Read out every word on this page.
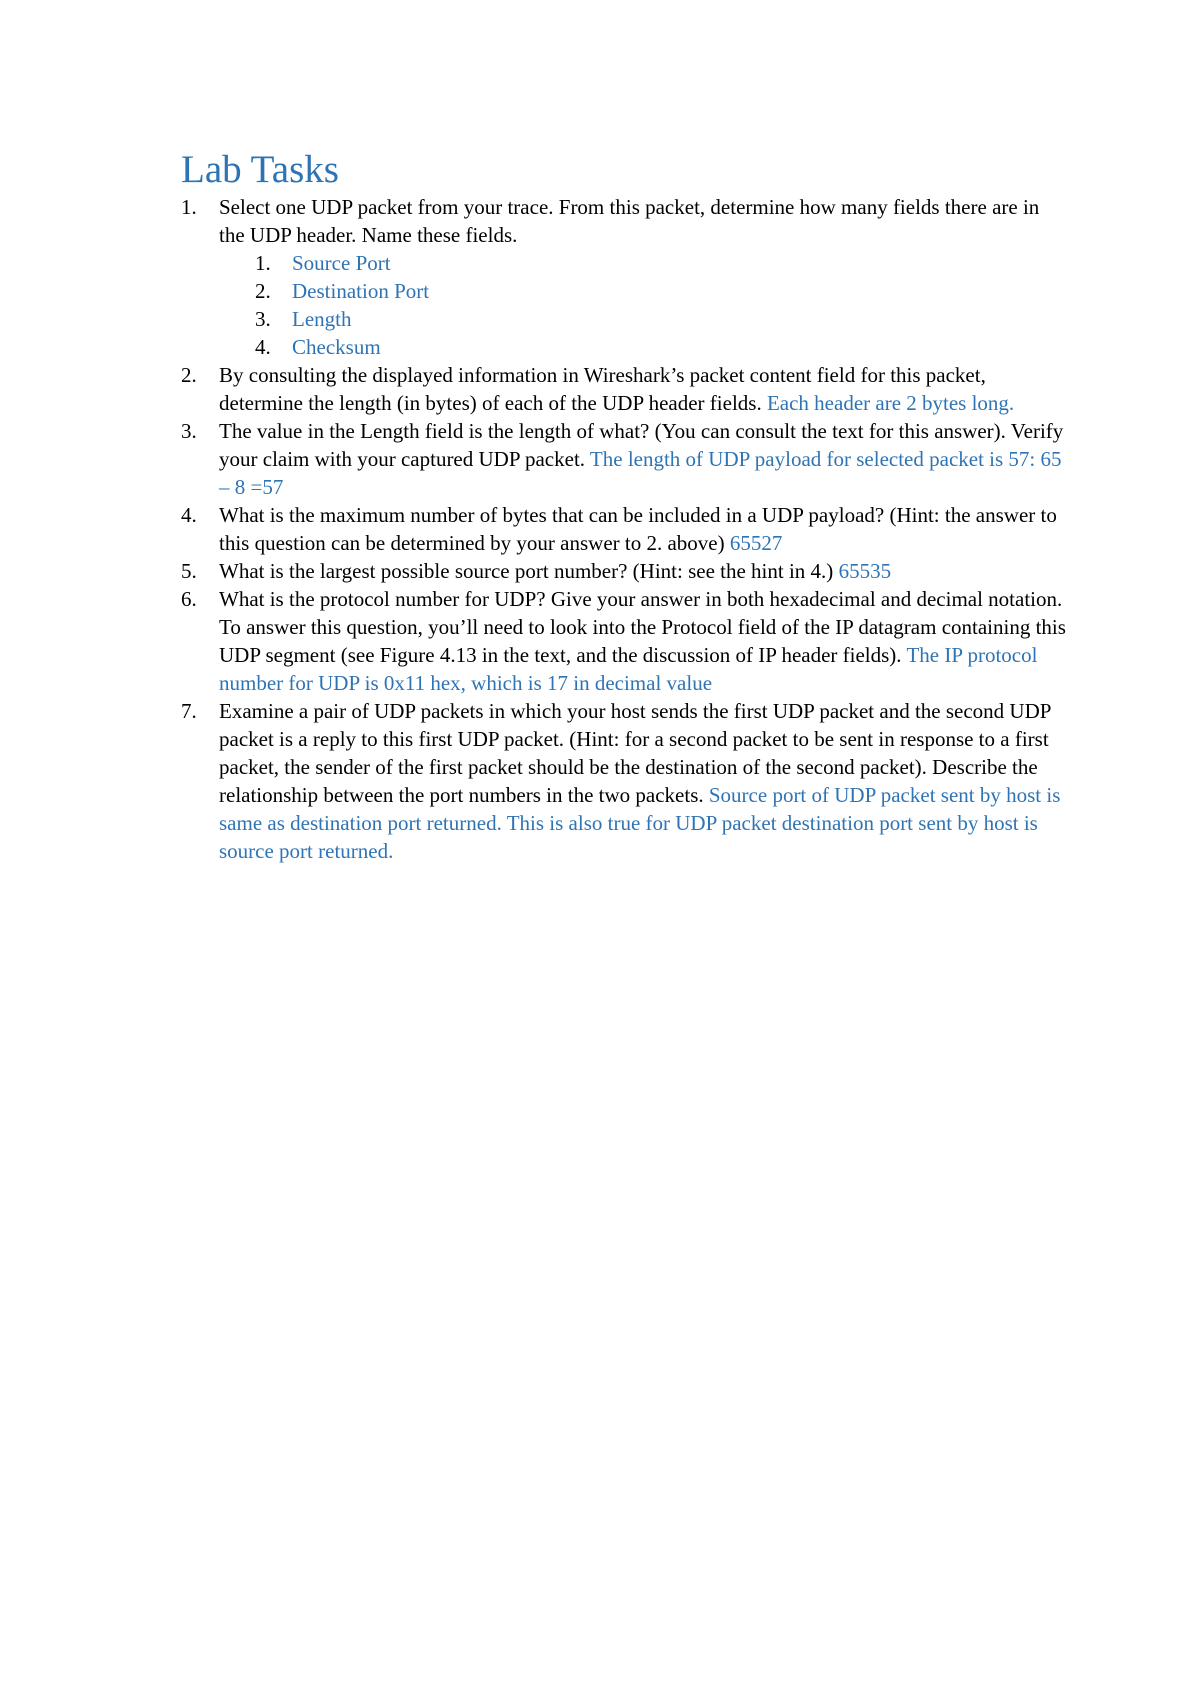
Lab Tasks
1. Select one UDP packet from your trace. From this packet, determine how many fields there are in the UDP header. Name these fields.
1. Source Port
2. Destination Port
3. Length
4. Checksum
2. By consulting the displayed information in Wireshark’s packet content field for this packet, determine the length (in bytes) of each of the UDP header fields. Each header are 2 bytes long.
3. The value in the Length field is the length of what? (You can consult the text for this answer). Verify your claim with your captured UDP packet. The length of UDP payload for selected packet is 57: 65 – 8 =57
4. What is the maximum number of bytes that can be included in a UDP payload? (Hint: the answer to this question can be determined by your answer to 2. above) 65527
5. What is the largest possible source port number? (Hint: see the hint in 4.) 65535
6. What is the protocol number for UDP? Give your answer in both hexadecimal and decimal notation. To answer this question, you’ll need to look into the Protocol field of the IP datagram containing this UDP segment (see Figure 4.13 in the text, and the discussion of IP header fields). The IP protocol number for UDP is 0x11 hex, which is 17 in decimal value
7. Examine a pair of UDP packets in which your host sends the first UDP packet and the second UDP packet is a reply to this first UDP packet. (Hint: for a second packet to be sent in response to a first packet, the sender of the first packet should be the destination of the second packet). Describe the relationship between the port numbers in the two packets. Source port of UDP packet sent by host is same as destination port returned. This is also true for UDP packet destination port sent by host is source port returned.
